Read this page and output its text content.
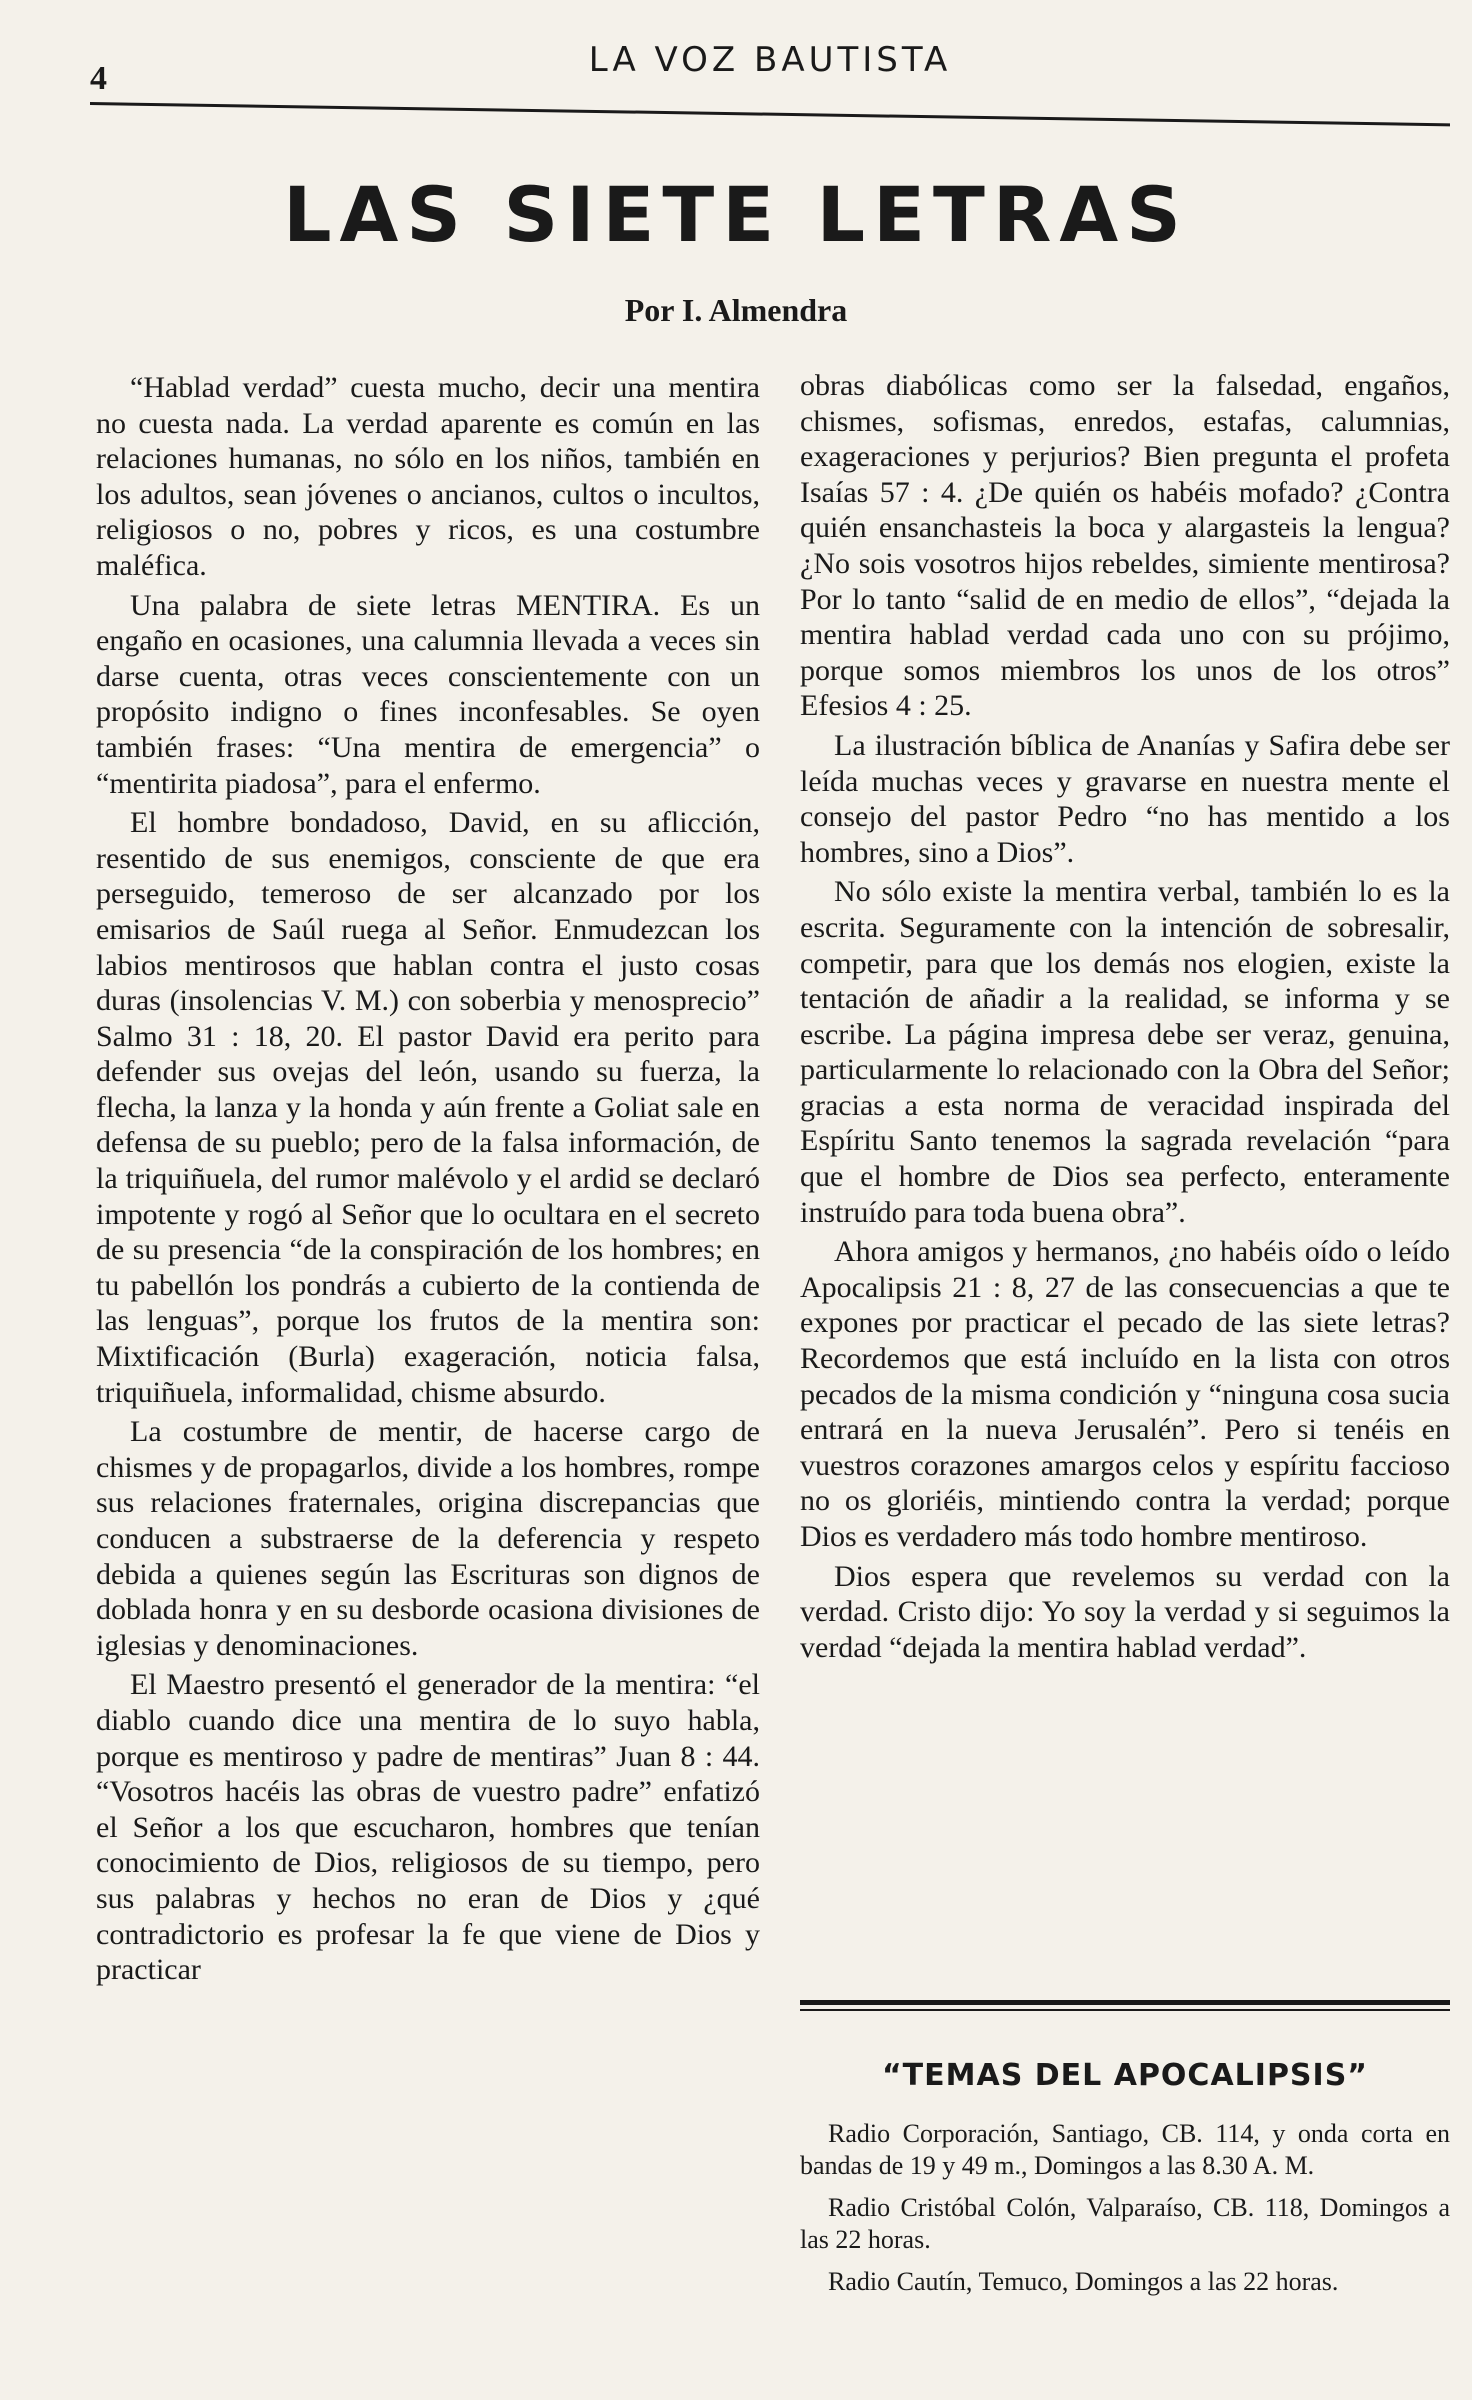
4	LA VOZ BAUTISTA
LAS SIETE LETRAS
Por I. Almendra

“Hablad verdad” cuesta mucho, decir una mentira no cuesta nada. La verdad aparente es común en las relaciones humanas, no sólo en los niños, también en los adultos, sean jóvenes o ancianos, cultos o incultos, religiosos o no, pobres y ricos, es una costumbre maléfica.

Una palabra de siete letras MENTIRA. Es un engaño en ocasiones, una calumnia llevada a veces sin darse cuenta, otras veces conscientemente con un propósito indigno o fines inconfesables. Se oyen también frases: “Una mentira de emergencia” o “mentirita piadosa”, para el enfermo.

El hombre bondadoso, David, en su aflicción, resentido de sus enemigos, consciente de que era perseguido, temeroso de ser alcanzado por los emisarios de Saúl ruega al Señor. Enmudezcan los labios mentirosos que hablan contra el justo cosas duras (insolencias V. M.) con soberbia y menosprecio” Salmo 31 : 18, 20. El pastor David era perito para defender sus ovejas del león, usando su fuerza, la flecha, la lanza y la honda y aún frente a Goliat sale en defensa de su pueblo; pero de la falsa información, de la triquiñuela, del rumor malévolo y el ardid se declaró impotente y rogó al Señor que lo ocultara en el secreto de su presencia “de la conspiración de los hombres; en tu pabellón los pondrás a cubierto de la contienda de las lenguas”, porque los frutos de la mentira son: Mixtificación (Burla) exageración, noticia falsa, triquiñuela, informalidad, chisme absurdo.

La costumbre de mentir, de hacerse cargo de chismes y de propagarlos, divide a los hombres, rompe sus relaciones fraternales, origina discrepancias que conducen a substraerse de la deferencia y respeto debida a quienes según las Escrituras son dignos de doblada honra y en su desborde ocasiona divisiones de iglesias y denominaciones.

El Maestro presentó el generador de la mentira: “el diablo cuando dice una mentira de lo suyo habla, porque es mentiroso y padre de mentiras” Juan 8 : 44. “Vosotros hacéis las obras de vuestro padre” enfatizó el Señor a los que escucharon, hombres que tenían conocimiento de Dios, religiosos de su tiempo, pero sus palabras y hechos no eran de Dios y ¿qué contradictorio es profesar la fe que viene de Dios y practicar

obras diabólicas como ser la falsedad, engaños, chismes, sofismas, enredos, estafas, calumnias, exageraciones y perjurios? Bien pregunta el profeta Isaías 57 : 4. ¿De quién os habéis mofado? ¿Contra quién ensanchasteis la boca y alargasteis la lengua? ¿No sois vosotros hijos rebeldes, simiente mentirosa? Por lo tanto “salid de en medio de ellos”, “dejada la mentira hablad verdad cada uno con su prójimo, porque somos miembros los unos de los otros” Efesios 4 : 25.

La ilustración bíblica de Ananías y Safira debe ser leída muchas veces y gravarse en nuestra mente el consejo del pastor Pedro “no has mentido a los hombres, sino a Dios”.

No sólo existe la mentira verbal, también lo es la escrita. Seguramente con la intención de sobresalir, competir, para que los demás nos elogien, existe la tentación de añadir a la realidad, se informa y se escribe. La página impresa debe ser veraz, genuina, particularmente lo relacionado con la Obra del Señor; gracias a esta norma de veracidad inspirada del Espíritu Santo tenemos la sagrada revelación “para que el hombre de Dios sea perfecto, enteramente instruído para toda buena obra”.

Ahora amigos y hermanos, ¿no habéis oído o leído Apocalipsis 21 : 8, 27 de las consecuencias a que te expones por practicar el pecado de las siete letras? Recordemos que está incluído en la lista con otros pecados de la misma condición y “ninguna cosa sucia entrará en la nueva Jerusalén”. Pero si tenéis en vuestros corazones amargos celos y espíritu faccioso no os gloriéis, mintiendo contra la verdad; porque Dios es verdadero más todo hombre mentiroso.

Dios espera que revelemos su verdad con la verdad. Cristo dijo: Yo soy la verdad y si seguimos la verdad “dejada la mentira hablad verdad”.

“TEMAS DEL APOCALIPSIS”
Radio Corporación, Santiago, CB. 114, y onda corta en bandas de 19 y 49 m., Domingos a las 8.30 A. M.
Radio Cristóbal Colón, Valparaíso, CB. 118, Domingos a las 22 horas.
Radio Cautín, Temuco, Domingos a las 22 horas.
